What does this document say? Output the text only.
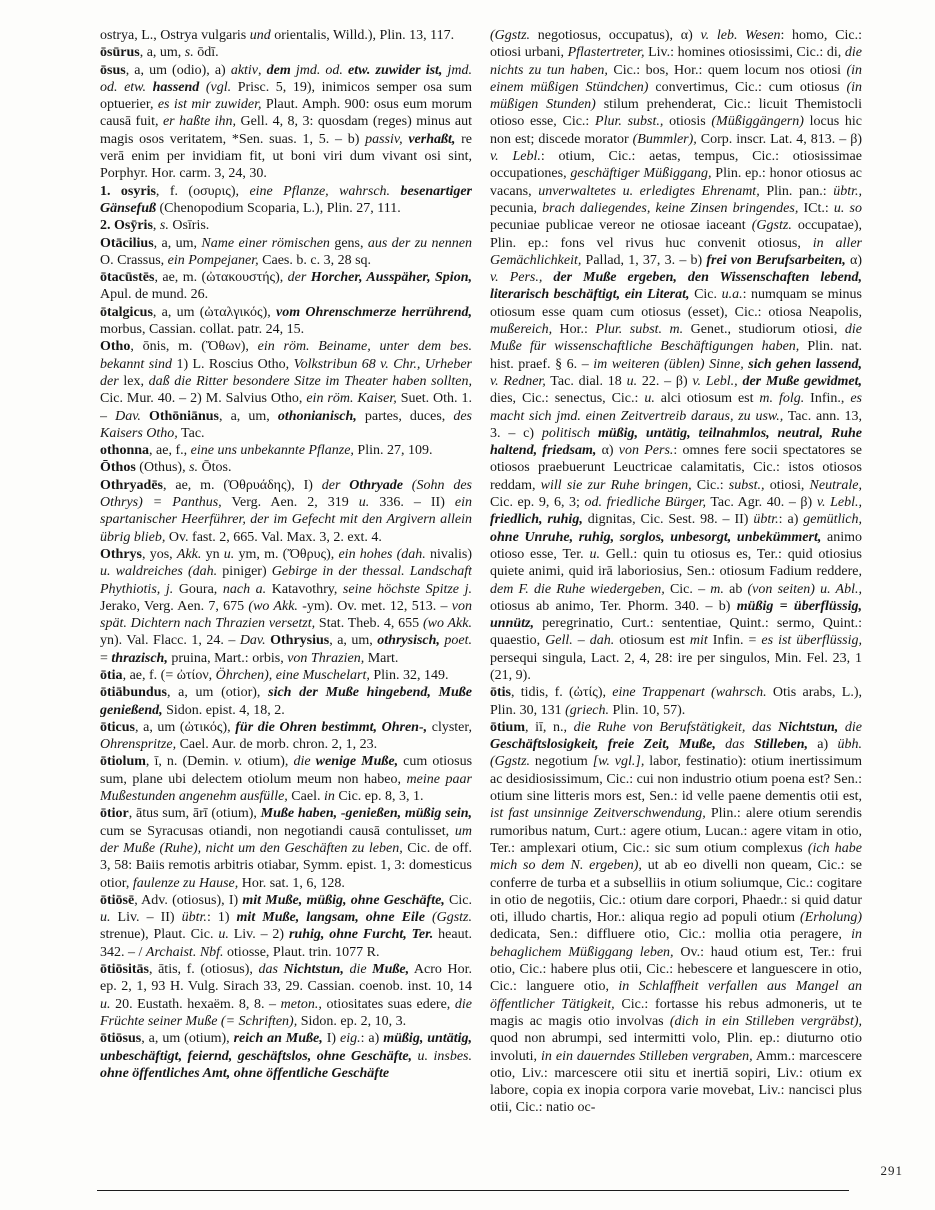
ostrya, L., Ostrya vulgaris und orientalis, Willd.), Plin. 13, 117.

ōsūrus, a, um, s. ōdī.

ōsus, a, um (odio), a) aktiv, dem jmd. od. etw. zuwider ist, jmd. od. etw. hassend (vgl. Prisc. 5, 19), inimicos semper osa sum optuerier, es ist mir zuwider, Plaut. Amph. 900: osus eum morum causā fuit, er haßte ihn, Gell. 4, 8, 3: quosdam (reges) minus aut magis osos veritatem, *Sen. suas. 1, 5. – b) passiv, verhaßt, re verā enim per invidiam fit, ut boni viri dum vivant osi sint, Porphyr. Hor. carm. 3, 24, 30.

1. osyris, f. (οσυρις), eine Pflanze, wahrsch. besenartiger Gänsefuß (Chenopodium Scoparia, L.), Plin. 27, 111.

2. Osȳris, s. Osīris.

Otācilius, a, um, Name einer römischen gens, aus der zu nennen O. Crassus, ein Pompejaner, Caes. b. c. 3, 28 sq.

ōtacūstēs, ae, m. (ὠτακουστής), der Horcher, Ausspäher, Spion, Apul. de mund. 26.

ōtalgicus, a, um (ὠταλγικός), vom Ohrenschmerze herrührend, morbus, Cassian. collat. patr. 24, 15.

Otho, ōnis, m. (Ὄθων), ein röm. Beiname, unter dem bes. bekannt sind 1) L. Roscius Otho, Volkstribun 68 v. Chr., Urheber der lex, daß die Ritter besondere Sitze im Theater haben sollten, Cic. Mur. 40. – 2) M. Salvius Otho, ein röm. Kaiser, Suet. Oth. 1. – Dav. Othōniānus, a, um, othonianisch, partes, duces, des Kaisers Otho, Tac.

othonna, ae, f., eine uns unbekannte Pflanze, Plin. 27, 109.

Ōthos (Othus), s. Ōtos.

Othryadēs, ae, m. (Ὀθρυάδης), I) der Othryade (Sohn des Othrys) = Panthus, Verg. Aen. 2, 319 u. 336. – II) ein spartanischer Heerführer, der im Gefecht mit den Argivern allein übrig blieb, Ov. fast. 2, 665. Val. Max. 3, 2. ext. 4.

Othrys, yos, Akk. yn u. ym, m. (Ὄθρυς), ein hohes (dah. nivalis) u. waldreiches (dah. piniger) Gebirge in der thessal. Landschaft Phythiotis, j. Goura, nach a. Katavothry, seine höchste Spitze j. Jerako, Verg. Aen. 7, 675 (wo Akk. -ym). Ov. met. 12, 513. – von spät. Dichtern nach Thrazien versetzt, Stat. Theb. 4, 655 (wo Akk. yn). Val. Flacc. 1, 24. – Dav. Othrysius, a, um, othrysisch, poet. = thrazisch, pruina, Mart.: orbis, von Thrazien, Mart.

ōtia, ae, f. (= ὠτίον, Öhrchen), eine Muschelart, Plin. 32, 149.

ōtiābundus, a, um (otior), sich der Muße hingebend, Muße genießend, Sidon. epist. 4, 18, 2.

ōticus, a, um (ὠτικός), für die Ohren bestimmt, Ohren-, clyster, Ohrenspritze, Cael. Aur. de morb. chron. 2, 1, 23.

ōtiolum, ī, n. (Demin. v. otium), die wenige Muße, cum otiosus sum, plane ubi delectem otiolum meum non habeo, meine paar Mußestunden angenehm ausfülle, Cael. in Cic. ep. 8, 3, 1.

ōtior, ātus sum, ārī (otium), Muße haben, -genießen, müßig sein, cum se Syracusas otiandi, non negotiandi causā contulisset, um der Muße (Ruhe), nicht um den Geschäften zu leben, Cic. de off. 3, 58: Baiis remotis arbitris otiabar, Symm. epist. 1, 3: domesticus otior, faulenze zu Hause, Hor. sat. 1, 6, 128.

ōtiōsē, Adv. (otiosus), I) mit Muße, müßig, ohne Geschäfte, Cic. u. Liv. – II) übtr.: 1) mit Muße, langsam, ohne Eile (Ggstz. strenue), Plaut. Cic. u. Liv. – 2) ruhig, ohne Furcht, Ter. heaut. 342. – / Archaist. Nbf. otiosse, Plaut. trin. 1077 R.

ōtiōsitās, ātis, f. (otiosus), das Nichtstun, die Muße, Acro Hor. ep. 2, 1, 93 H. Vulg. Sirach 33, 29. Cassian. coenob. inst. 10, 14 u. 20. Eustath. hexaëm. 8, 8. – meton., otiositates suas edere, die Früchte seiner Muße (= Schriften), Sidon. ep. 2, 10, 3.

ōtiōsus, a, um (otium), reich an Muße, I) eig.: a) müßig, untätig, unbeschäftigt, feiernd, geschäftslos, ohne Geschäfte, u. insbes. ohne öffentliches Amt, ohne öffentliche Geschäfte

(Ggstz. negotiosus, occupatus), α) v. leb. Wesen: homo, Cic.: otiosi urbani, Pflastertreter, Liv.: homines otiosissimi, Cic.: di, die nichts zu tun haben, Cic.: bos, Hor.: quem locum nos otiosi (in einem müßigen Stündchen) convertimus, Cic.: cum otiosus (in müßigen Stunden) stilum prehenderat, Cic.: licuit Themistocli otioso esse, Cic.: Plur. subst., otiosis (Müßiggängern) locus hic non est; discede morator (Bummler), Corp. inscr. Lat. 4, 813. – β) v. Lebl.: otium, Cic.: aetas, tempus, Cic.: otiosissimae occupationes, geschäftiger Müßiggang, Plin. ep.: honor otiosus ac vacans, unverwaltetes u. erledigtes Ehrenamt, Plin. pan.: übtr., pecunia, brach daliegendes, keine Zinsen bringendes, ICt.: u. so pecuniae publicae vereor ne otiosae iaceant (Ggstz. occupatae), Plin. ep.: fons vel rivus huc convenit otiosus, in aller Gemächlichkeit, Pallad, 1, 37, 3. – b) frei von Berufsarbeiten, α) v. Pers., der Muße ergeben, den Wissenschaften lebend, literarisch beschäftigt, ein Literat, Cic. u.a.: numquam se minus otiosum esse quam cum otiosus (esset), Cic.: otiosa Neapolis, mußereich, Hor.: Plur. subst. m. Genet., studiorum otiosi, die Muße für wissenschaftliche Beschäftigungen haben, Plin. nat. hist. praef. § 6. – im weiteren (üblen) Sinne, sich gehen lassend, v. Redner, Tac. dial. 18 u. 22. – β) v. Lebl., der Muße gewidmet, dies, Cic.: senectus, Cic.: u. alci otiosum est m. folg. Infin., es macht sich jmd. einen Zeitvertreib daraus, zu usw., Tac. ann. 13, 3. – c) politisch müßig, untätig, teilnahmlos, neutral, Ruhe haltend, friedsam, α) von Pers.: omnes fere socii spectatores se otiosos praebuerunt Leuctricae calamitatis, Cic.: istos otiosos reddam, will sie zur Ruhe bringen, Cic.: subst., otiosi, Neutrale, Cic. ep. 9, 6, 3; od. friedliche Bürger, Tac. Agr. 40. – β) v. Lebl., friedlich, ruhig, dignitas, Cic. Sest. 98. – II) übtr.: a) gemütlich, ohne Unruhe, ruhig, sorglos, unbesorgt, unbekümmert, animo otioso esse, Ter. u. Gell.: quin tu otiosus es, Ter.: quid otiosius quiete animi, quid irā laboriosius, Sen.: otiosum Fadium reddere, dem F. die Ruhe wiedergeben, Cic. – m. ab (von seiten) u. Abl., otiosus ab animo, Ter. Phorm. 340. – b) müßig = überflüssig, unnütz, peregrinatio, Curt.: sententiae, Quint.: sermo, Quint.: quaestio, Gell. – dah. otiosum est mit Infin. = es ist überflüssig, persequi singula, Lact. 2, 4, 28: ire per singulos, Min. Fel. 23, 1 (21, 9).

ōtis, tidis, f. (ὠτίς), eine Trappenart (wahrsch. Otis arabs, L.), Plin. 30, 131 (griech. Plin. 10, 57).

ōtium, iī, n., die Ruhe von Berufstätigkeit, das Nichtstun, die Geschäftslosigkeit, freie Zeit, Muße, das Stilleben, a) übh. (Ggstz. negotium [w. vgl.], labor, festinatio): otium inertissimum ac desidiosissimum, Cic.: cui non industrio otium poena est? Sen.: otium sine litteris mors est, Sen.: id velle paene dementis otii est, ist fast unsinnige Zeitverschwendung, Plin.: alere otium serendis rumoribus natum, Curt.: agere otium, Lucan.: agere vitam in otio, Ter.: amplexari otium, Cic.: sic sum otium complexus (ich habe mich so dem N. ergeben), ut ab eo divelli non queam, Cic.: se conferre de turba et a subselliis in otium soliumque, Cic.: cogitare in otio de negotiis, Cic.: otium dare corpori, Phaedr.: si quid datur oti, illudo chartis, Hor.: aliqua regio ad populi otium (Erholung) dedicata, Sen.: diffluere otio, Cic.: mollia otia peragere, in behaglichem Müßiggang leben, Ov.: haud otium est, Ter.: frui otio, Cic.: habere plus otii, Cic.: hebescere et languescere in otio, Cic.: languere otio, in Schlaffheit verfallen aus Mangel an öffentlicher Tätigkeit, Cic.: fortasse his rebus admoneris, ut te magis ac magis otio involvas (dich in ein Stilleben vergräbst), quod non abrumpi, sed intermitti volo, Plin. ep.: diuturno otio involuti, in ein dauerndes Stilleben vergraben, Amm.: marcescere otio, Liv.: marcescere otii situ et inertiā sopiri, Liv.: otium ex labore, copia ex inopia corpora varie movebat, Liv.: nancisci plus otii, Cic.: natio oc-

291
